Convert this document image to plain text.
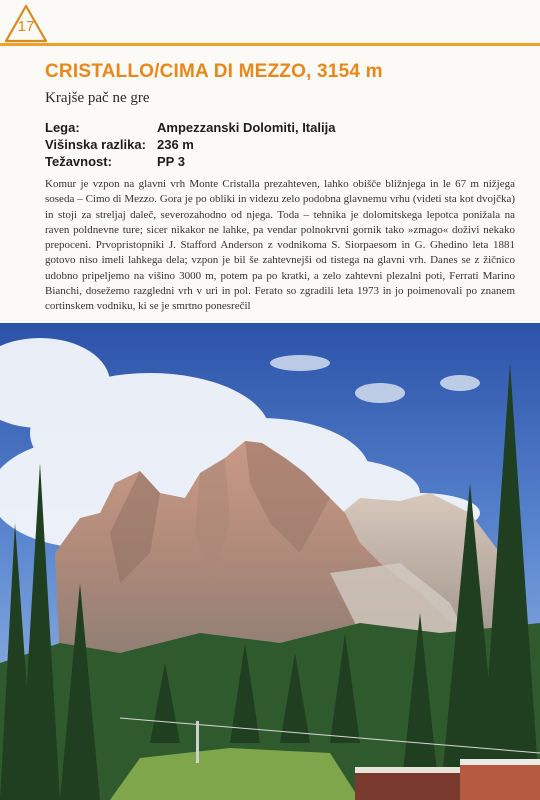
17
CRISTALLO/CIMA DI MEZZO, 3154 m
Krajše pač ne gre
Lega:	Ampezzanski Dolomiti, Italija
Višinska razlika: 236 m
Težavnost:	PP 3

Komur je vzpon na glavni vrh Monte Cristalla prezahteven, lahko obišče bližnjega in le 67 m nižjega soseda – Cimo di Mezzo. Gora je po obliki in videzu zelo podobna glavnemu vrhu (videti sta kot dvojčka) in stoji za streljaj daleč, severozahodno od njega. Toda – tehnika je dolomitskega lepotca ponižala na raven poldnevne ture; sicer nikakor ne lahke, pa vendar polnokrvni gornik tako »zmago« doživi nekako prepoceni. Prvopristopniki J. Stafford Anderson z vodnikoma S. Siorpaesom in G. Ghedino leta 1881 gotovo niso imeli lahkega dela; vzpon je bil še zahtevnejši od tistega na glavni vrh. Danes se z žičnico udobno pripeljemo na višino 3000 m, potem pa po kratki, a zelo zahtevni plezalni poti, Ferrati Marino Bianchi, dosežemo razgledni vrh v uri in pol. Ferato so zgradili leta 1973 in jo poimenovali po znanem cortinskem vodniku, ki se je smrtno ponesrečil
